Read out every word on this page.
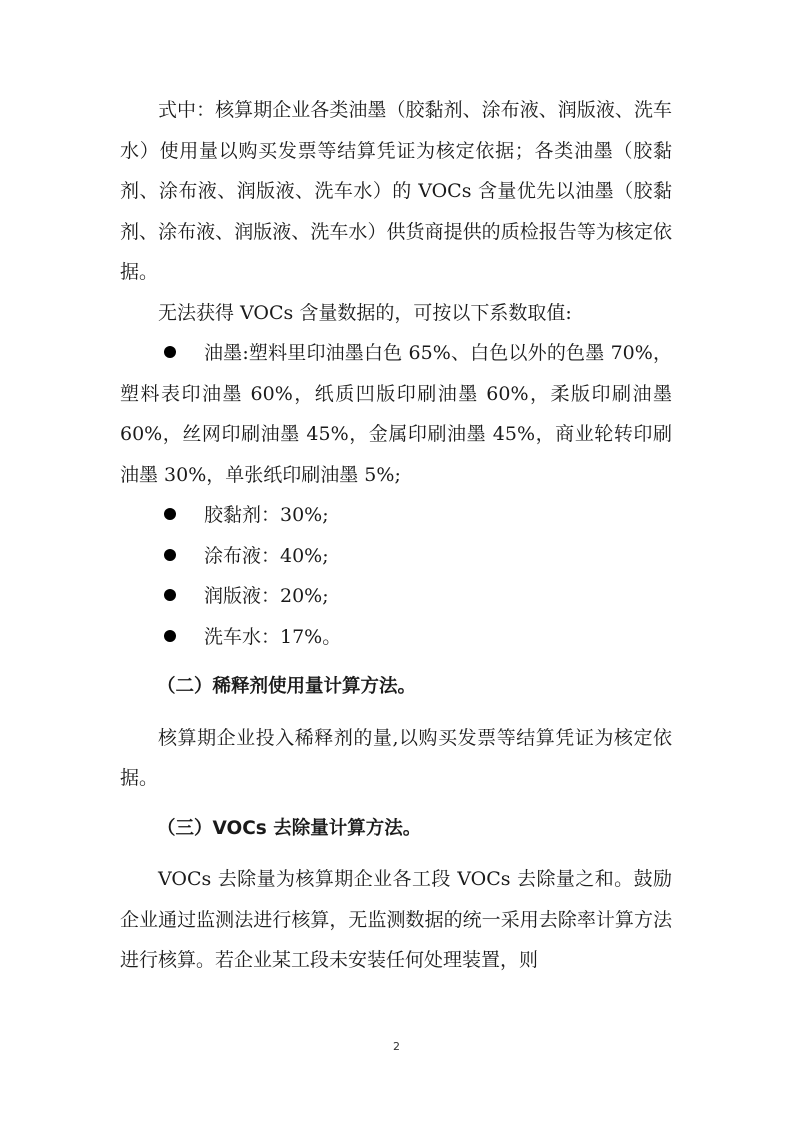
式中：核算期企业各类油墨（胶黏剂、涂布液、润版液、洗车水）使用量以购买发票等结算凭证为核定依据；各类油墨（胶黏剂、涂布液、润版液、洗车水）的 VOCs 含量优先以油墨（胶黏剂、涂布液、润版液、洗车水）供货商提供的质检报告等为核定依据。

无法获得 VOCs 含量数据的，可按以下系数取值:

油墨:塑料里印油墨白色 65%、白色以外的色墨 70%，塑料表印油墨 60%，纸质凹版印刷油墨 60%，柔版印刷油墨 60%，丝网印刷油墨 45%，金属印刷油墨 45%，商业轮转印刷油墨 30%，单张纸印刷油墨 5%;

胶黏剂：30%;

涂布液：40%;

润版液：20%;

洗车水：17%。

（二）稀释剂使用量计算方法。

核算期企业投入稀释剂的量,以购买发票等结算凭证为核定依据。

（三）VOCs 去除量计算方法。

VOCs 去除量为核算期企业各工段 VOCs 去除量之和。鼓励企业通过监测法进行核算，无监测数据的统一采用去除率计算方法进行核算。若企业某工段未安装任何处理装置，则

2
